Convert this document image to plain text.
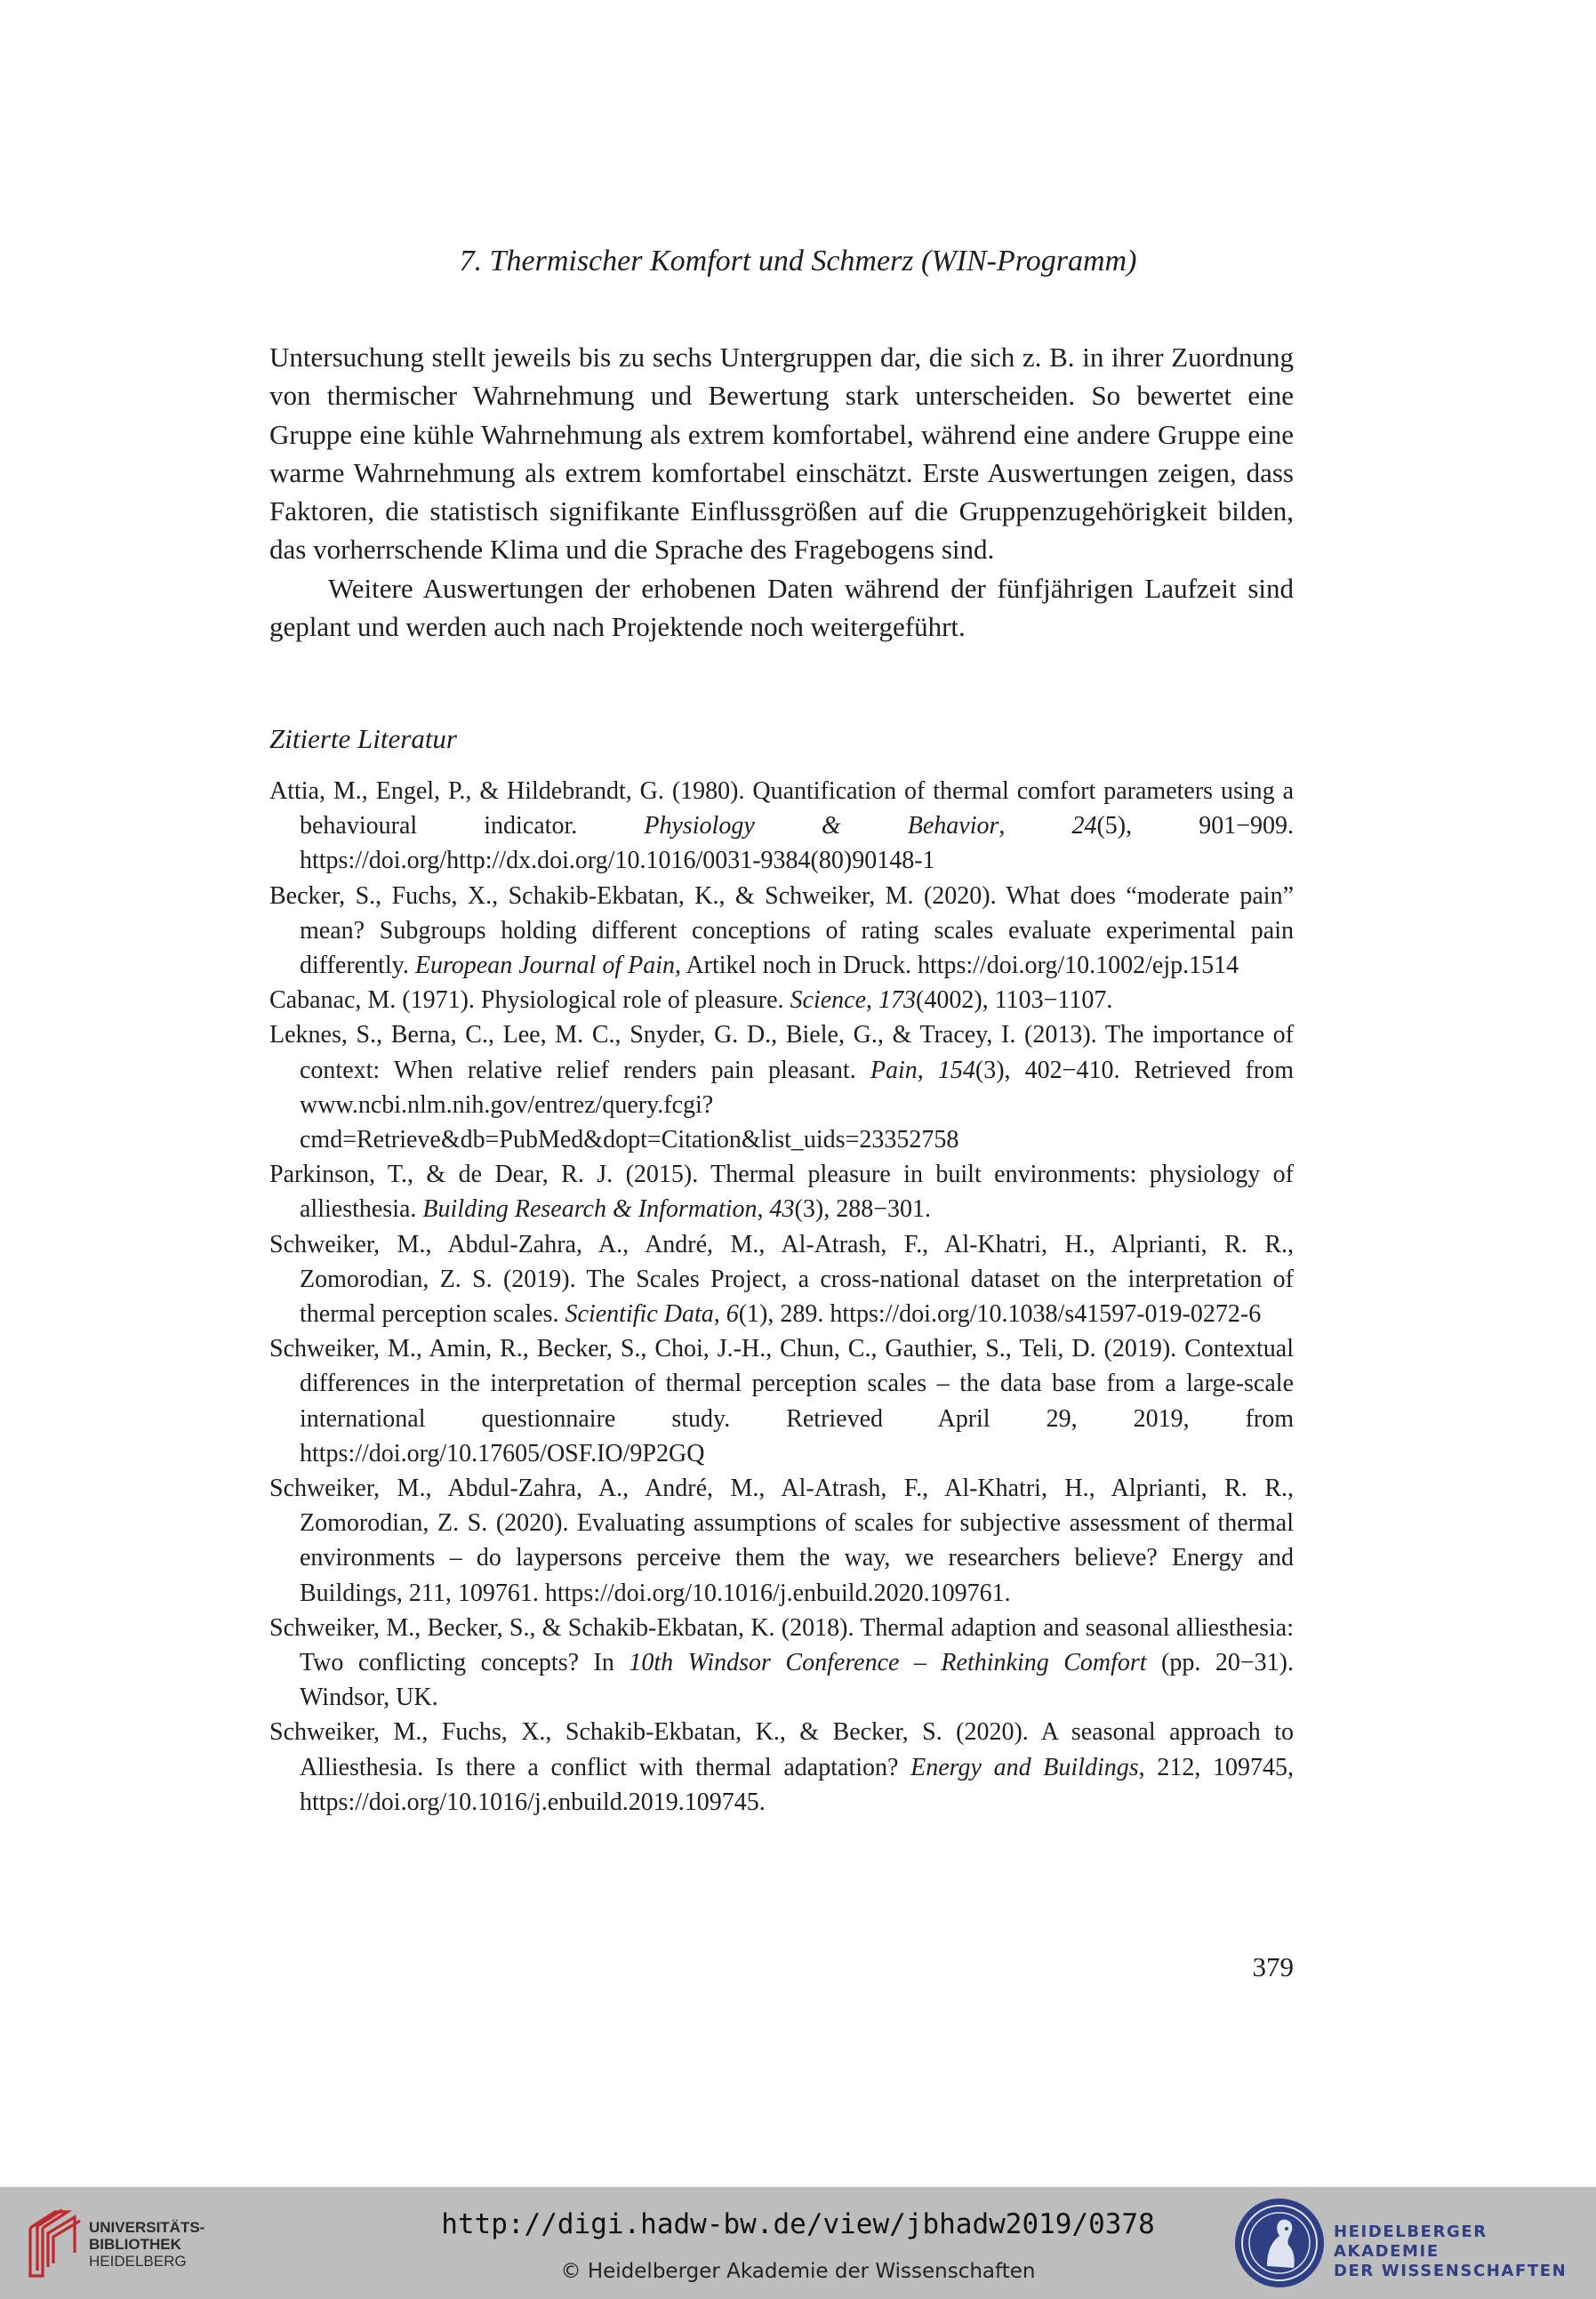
7. Thermischer Komfort und Schmerz (WIN-Programm)

Untersuchung stellt jeweils bis zu sechs Untergruppen dar, die sich z. B. in ihrer Zuordnung von thermischer Wahrnehmung und Bewertung stark unterscheiden. So bewertet eine Gruppe eine kühle Wahrnehmung als extrem komfortabel, während eine andere Gruppe eine warme Wahrnehmung als extrem komfortabel einschätzt. Erste Auswertungen zeigen, dass Faktoren, die statistisch signifikante Einflussgrößen auf die Gruppenzugehörigkeit bilden, das vorherrschende Klima und die Sprache des Fragebogens sind.

Weitere Auswertungen der erhobenen Daten während der fünfjährigen Laufzeit sind geplant und werden auch nach Projektende noch weitergeführt.

Zitierte Literatur
Attia, M., Engel, P., & Hildebrandt, G. (1980). Quantification of thermal comfort parameters using a behavioural indicator. Physiology & Behavior, 24(5), 901−909. https://doi.org/http://dx.doi.org/10.1016/0031-9384(80)90148-1
Becker, S., Fuchs, X., Schakib-Ekbatan, K., & Schweiker, M. (2020). What does “moderate pain” mean? Subgroups holding different conceptions of rating scales evaluate experimental pain differently. European Journal of Pain, Artikel noch in Druck. https://doi.org/10.1002/ejp.1514
Cabanac, M. (1971). Physiological role of pleasure. Science, 173(4002), 1103−1107.
Leknes, S., Berna, C., Lee, M. C., Snyder, G. D., Biele, G., & Tracey, I. (2013). The importance of context: When relative relief renders pain pleasant. Pain, 154(3), 402−410. Retrieved from www.ncbi.nlm.nih.gov/entrez/query.fcgi?cmd=Retrieve&db=PubMed&dopt=Citation&list_uids=23352758
Parkinson, T., & de Dear, R. J. (2015). Thermal pleasure in built environments: physiology of alliesthesia. Building Research & Information, 43(3), 288−301.
Schweiker, M., Abdul-Zahra, A., André, M., Al-Atrash, F., Al-Khatri, H., Alprianti, R. R., Zomorodian, Z. S. (2019). The Scales Project, a cross-national dataset on the interpretation of thermal perception scales. Scientific Data, 6(1), 289. https://doi.org/10.1038/s41597-019-0272-6
Schweiker, M., Amin, R., Becker, S., Choi, J.-H., Chun, C., Gauthier, S., Teli, D. (2019). Contextual differences in the interpretation of thermal perception scales – the data base from a large-scale international questionnaire study. Retrieved April 29, 2019, from https://doi.org/10.17605/OSF.IO/9P2GQ
Schweiker, M., Abdul-Zahra, A., André, M., Al-Atrash, F., Al-Khatri, H., Alprianti, R. R., Zomorodian, Z. S. (2020). Evaluating assumptions of scales for subjective assessment of thermal environments – do laypersons perceive them the way, we researchers believe? Energy and Buildings, 211, 109761. https://doi.org/10.1016/j.enbuild.2020.109761.
Schweiker, M., Becker, S., & Schakib-Ekbatan, K. (2018). Thermal adaption and seasonal alliesthesia: Two conflicting concepts? In 10th Windsor Conference – Rethinking Comfort (pp. 20−31). Windsor, UK.
Schweiker, M., Fuchs, X., Schakib-Ekbatan, K., & Becker, S. (2020). A seasonal approach to Alliesthesia. Is there a conflict with thermal adaptation? Energy and Buildings, 212, 109745, https://doi.org/10.1016/j.enbuild.2019.109745.
379
UNIVERSITÄTS-
BIBLIOTHEK
HEIDELBERG
http://digi.hadw-bw.de/view/jbhadw2019/0378
© Heidelberger Akademie der Wissenschaften
HEIDELBERGER AKADEMIE
DER WISSENSCHAFTEN
